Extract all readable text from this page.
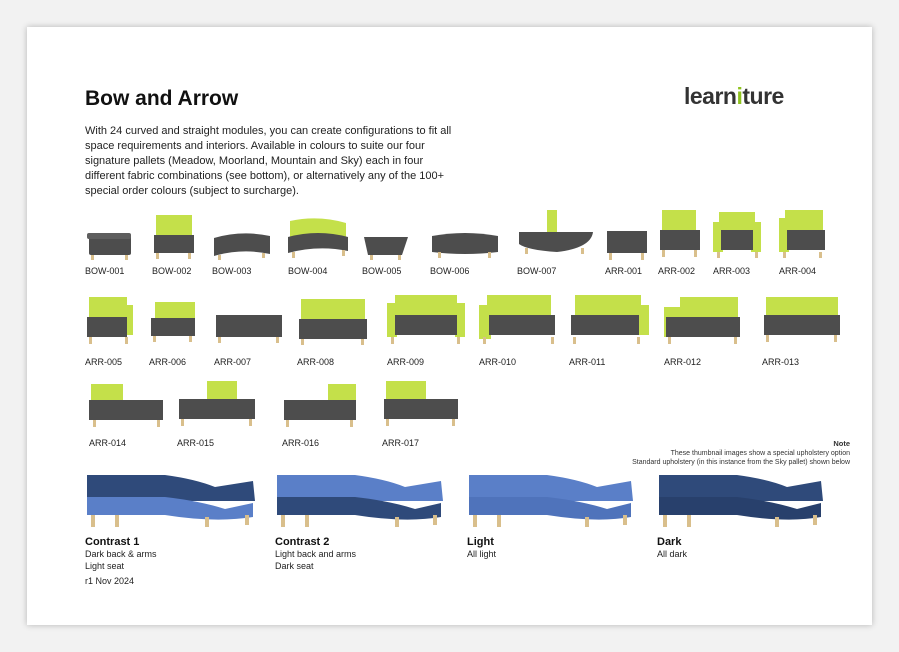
Bow and Arrow

With 24 curved and straight modules, you can create configurations to fit all space requirements and interiors. Available in colours to suite our four signature pallets (Meadow, Moorland, Mountain and Sky) each in four different fabric combinations (see bottom), or alternatively any of the 100+ special order colours (subject to surcharge).

learniture
BOW-001	BOW-002 BOW-003	BOW-004	BOW-005	BOW-006	BOW-007	ARR-001 ARR-002 ARR-003	ARR-004
ARR-005	ARR-006	ARR-007	ARR-008	ARR-009	ARR-010	ARR-011	ARR-012	ARR-013
ARR-014	ARR-015	ARR-016	ARR-017	Note
These thumbnail images show a special upholstery option
Standard upholstery (in this instance from the Sky pallet) shown below

Contrast 1

Dark back & arms
Light seat

Contrast 2

Light back and arms
Dark seat

Light

All light

Dark

All dark
r1 Nov 2024
